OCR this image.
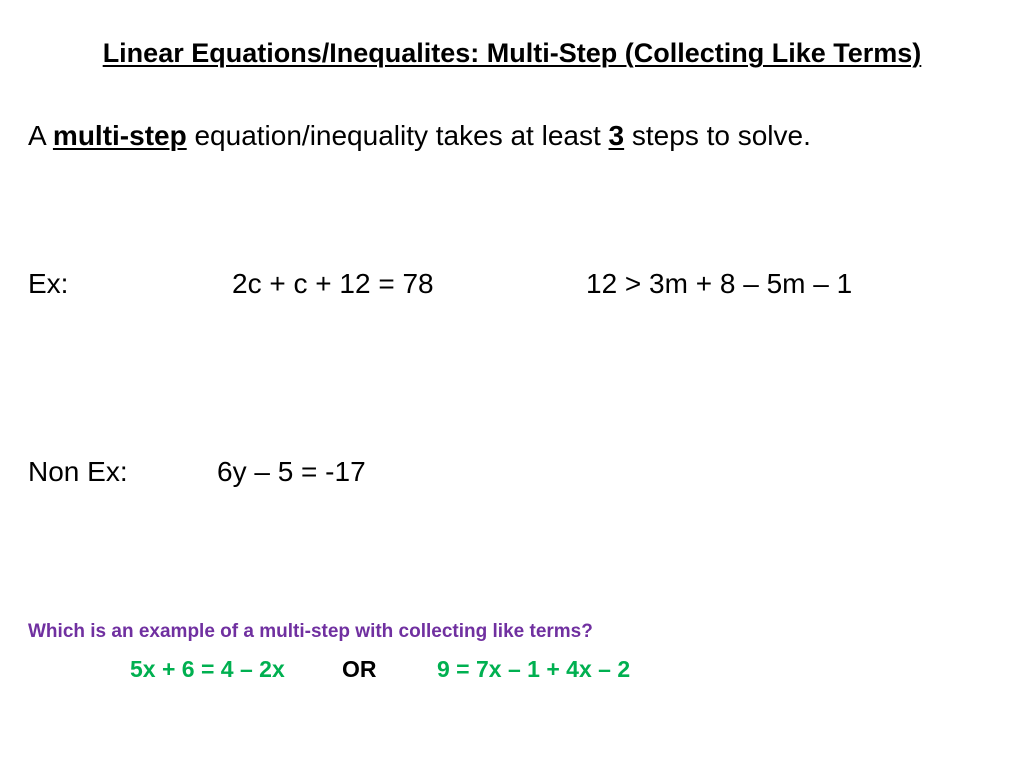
Linear Equations/Inequalites: Multi-Step (Collecting Like Terms)
A multi-step equation/inequality takes at least 3 steps to solve.
Ex:	2c + c + 12 = 78	12 > 3m + 8 – 5m – 1
Non Ex:	6y – 5 = -17
Which is an example of a multi-step with collecting like terms?
5x + 6 = 4 – 2x OR	9 = 7x – 1 + 4x – 2
